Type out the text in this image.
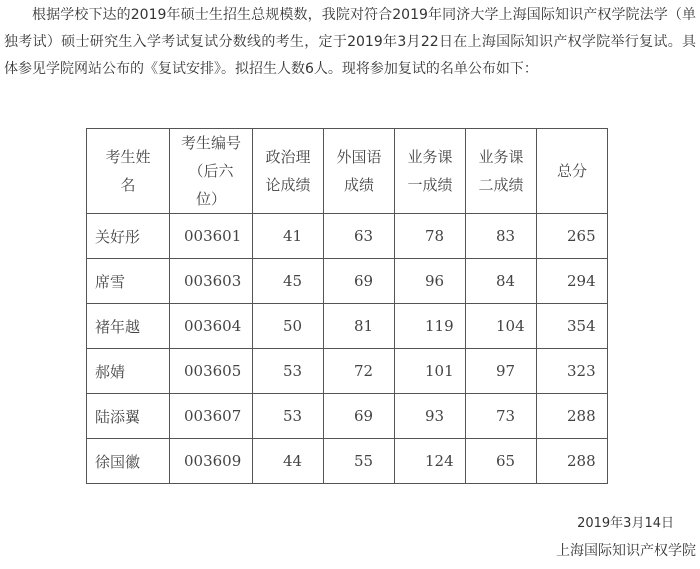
根据学校下达的2019年硕士生招生总规模数，我院对符合2019年同济大学上海国际知识产权学院法学（单独考试）硕士研究生入学考试复试分数线的考生，定于2019年3月22日在上海国际知识产权学院举行复试。具体参见学院网站公布的《复试安排》。拟招生人数6人。现将参加复试的名单公布如下：

考生姓名	考生编号（后六位）	政治理论成绩	外国语成绩	业务课一成绩	业务课二成绩	总分
关好彤	003601	41	63	78	83	265
席雪	003603	45	69	96	84	294
褚年越	003604	50	81	119	104	354
郝婧	003605	53	72	101	97	323
陆添翼	003607	53	69	93	73	288
徐国徽	003609	44	55	124	65	288
2019年3月14日
上海国际知识产权学院
